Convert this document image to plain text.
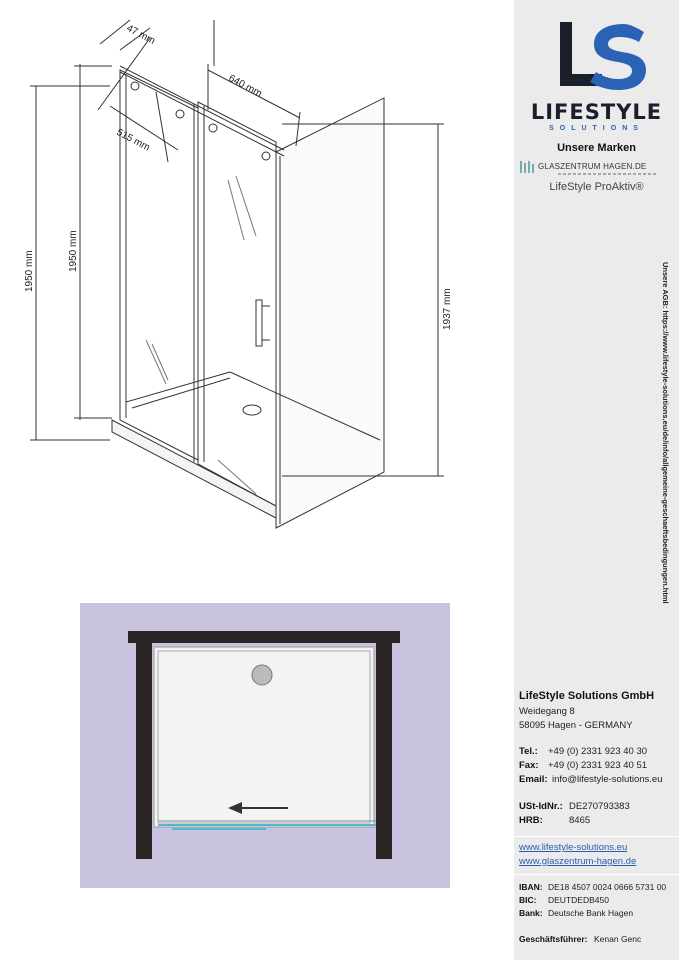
47 mm
640 mm
515 mm
1950 mm	1950 mm
1937 mm
LIFESTYLE
SOLUTIONS
Unsere Marken
GLASZENTRUM HAGEN.DE
LifeStyle ProAktiv®
Unsere AGB: https://www.lifestyle-solutions.eu/de/info/allgemeine-geschaeftsbedingungen.html
LifeStyle Solutions GmbH
Weidegang 8
58095 Hagen - GERMANY
Tel.: +49 (0) 2331 923 40 30
Fax: +49 (0) 2331 923 40 51
Email: info@lifestyle-solutions.eu
USt-IdNr.: DE270793383
HRB:	8465
www.lifestyle-solutions.eu
www.glaszentrum-hagen.de
IBAN: DE18 4507 0024 0666 5731 00
BIC: DEUTDEDB450
Bank: Deutsche Bank Hagen
Geschäftsführer: Kenan Genc
